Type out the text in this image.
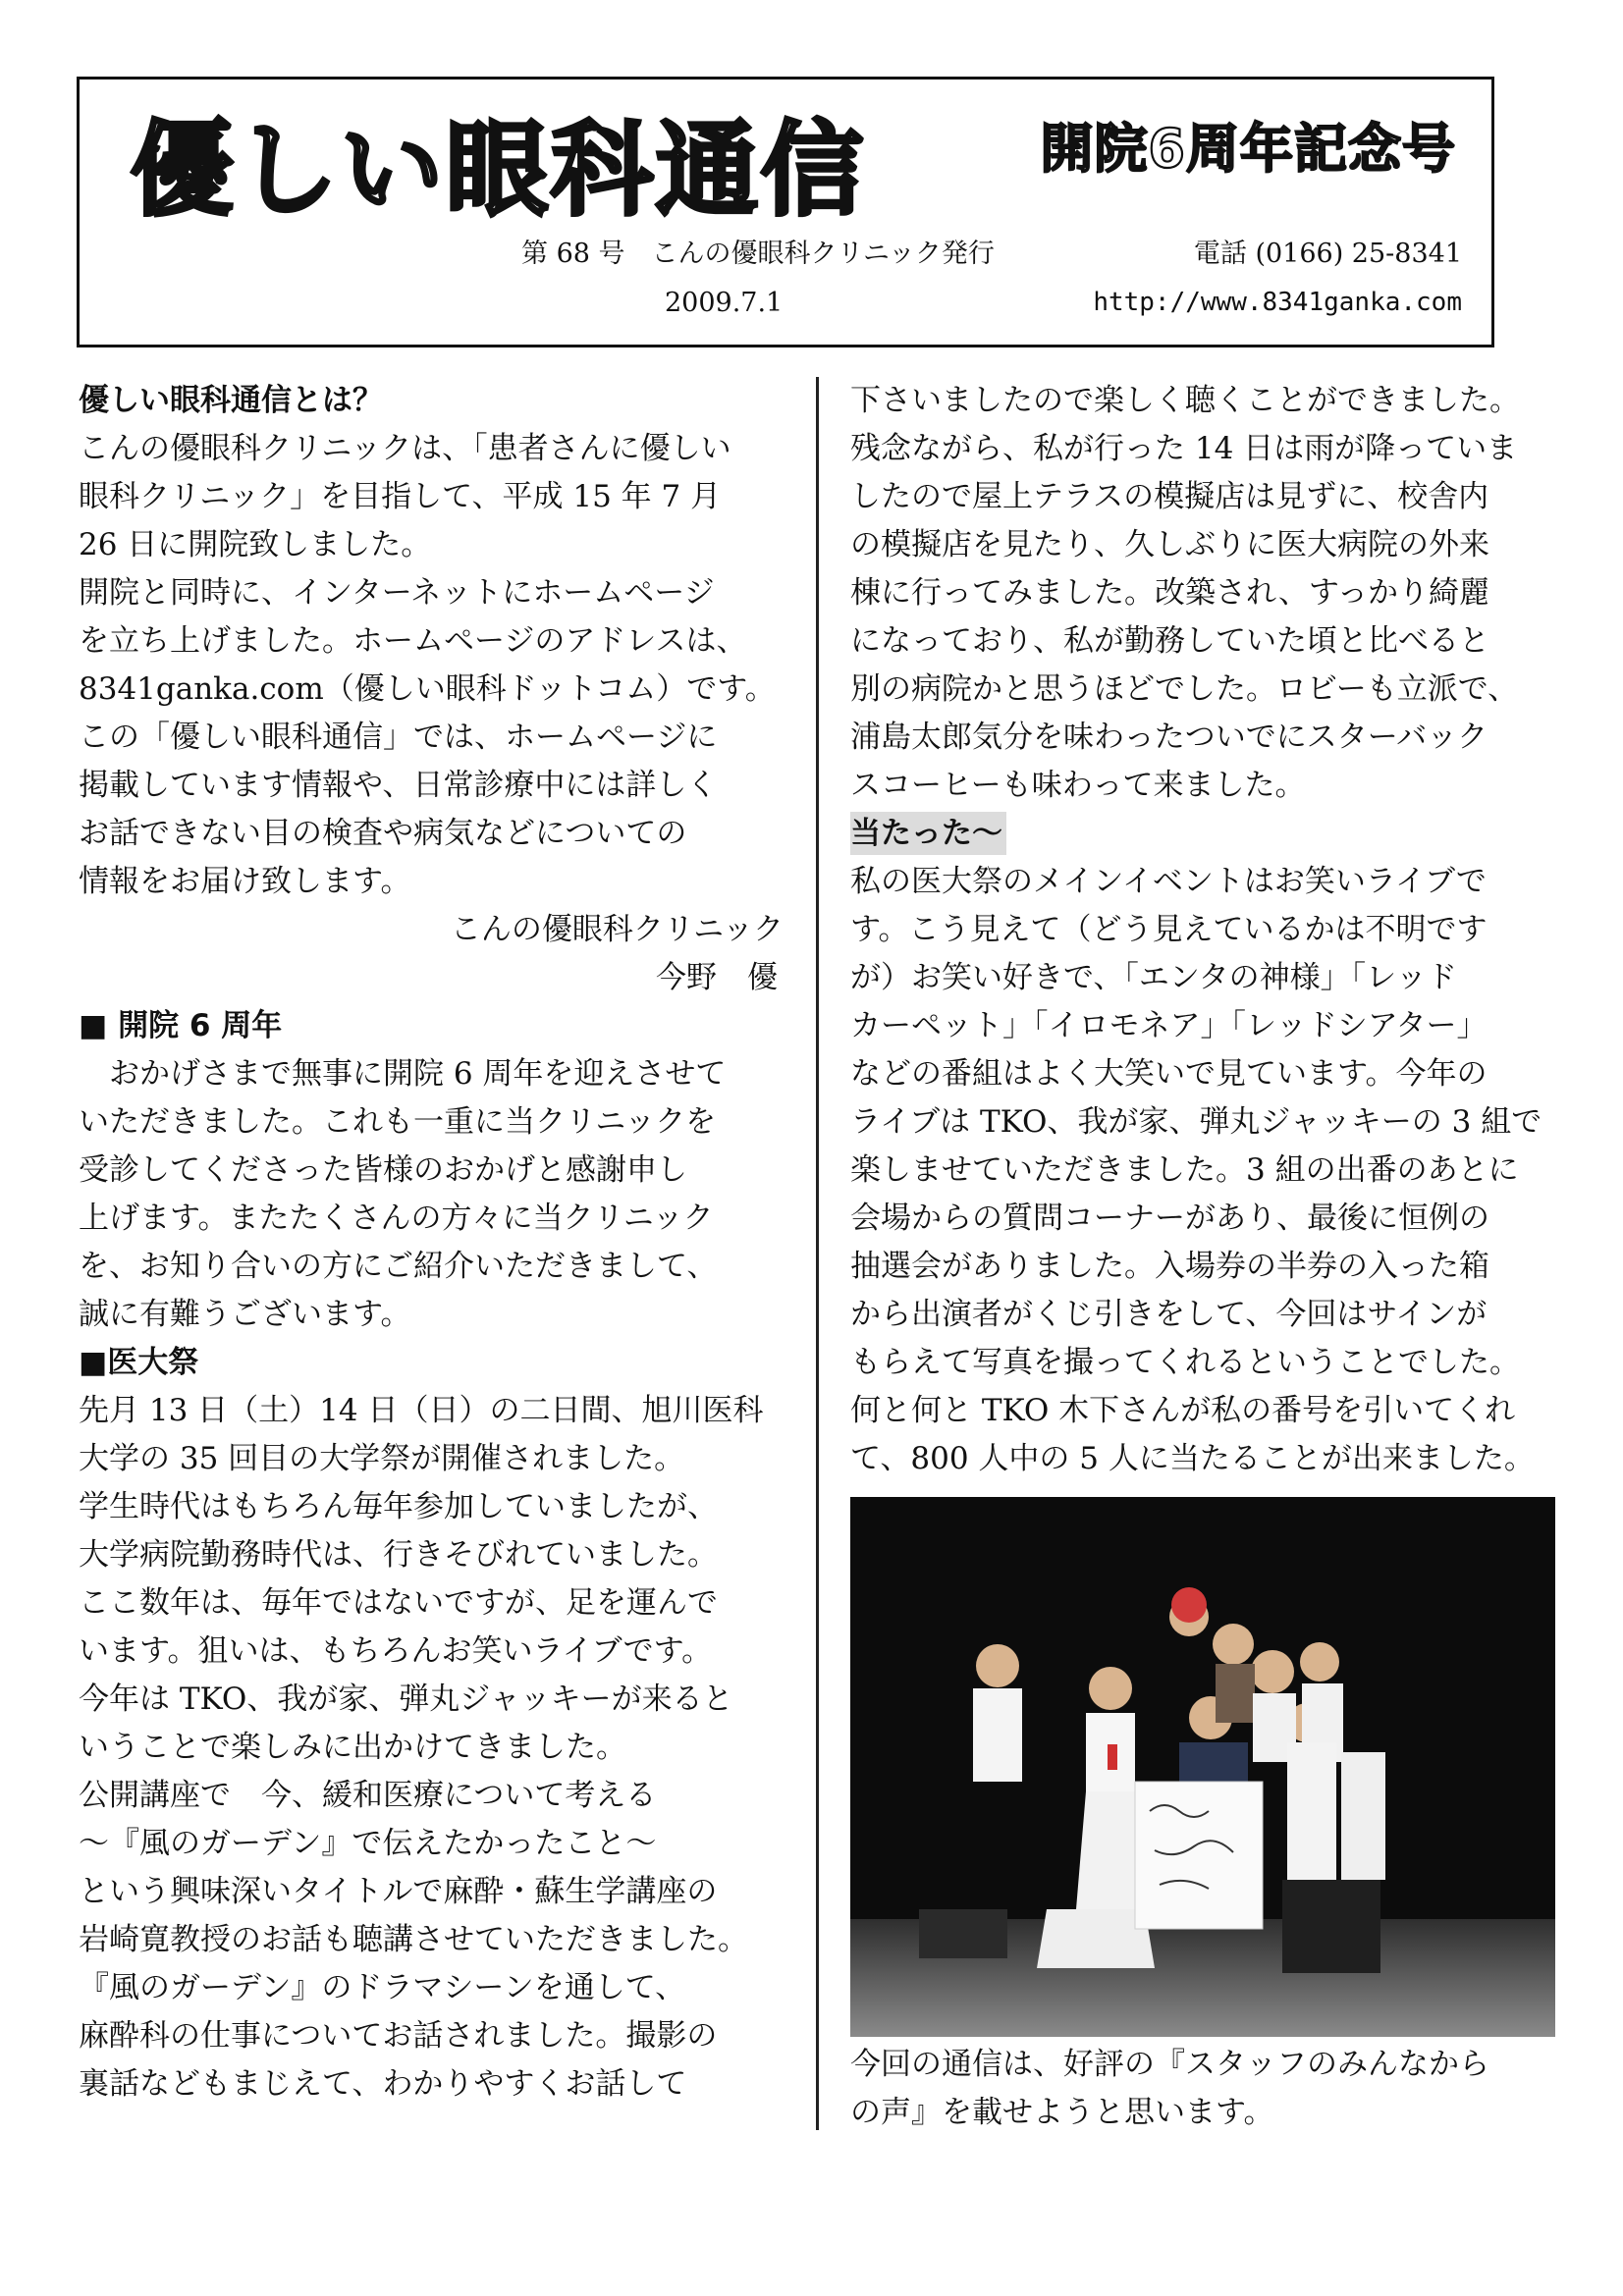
優しい眼科通信	開院6周年記念号
第 68 号　こんの優眼科クリニック発行	電話 (0166) 25-8341
2009.7.1	http://www.8341ganka.com

優しい眼科通信とは？

こんの優眼科クリニックは、「患者さんに優しい

眼科クリニック」を目指して、平成 15 年 7 月

26 日に開院致しました。

開院と同時に、インターネットにホームページ

を立ち上げました。ホームページのアドレスは、

8341ganka.com（優しい眼科ドットコム）です。

この「優しい眼科通信」では、ホームページに

掲載しています情報や、日常診療中には詳しく

お話できない目の検査や病気などについての

情報をお届け致します。

こんの優眼科クリニック

今野　優

■ 開院 6 周年

　おかげさまで無事に開院 6 周年を迎えさせて

いただきました。これも一重に当クリニックを

受診してくださった皆様のおかげと感謝申し

上げます。またたくさんの方々に当クリニック

を、お知り合いの方にご紹介いただきまして、

誠に有難うございます。

■医大祭

先月 13 日（土）14 日（日）の二日間、旭川医科

大学の 35 回目の大学祭が開催されました。

学生時代はもちろん毎年参加していましたが、

大学病院勤務時代は、行きそびれていました。

ここ数年は、毎年ではないですが、足を運んで

います。狙いは、もちろんお笑いライブです。

今年は TKO、我が家、弾丸ジャッキーが来ると

いうことで楽しみに出かけてきました。

公開講座で　今、緩和医療について考える

～『風のガーデン』で伝えたかったこと～

という興味深いタイトルで麻酔・蘇生学講座の

岩崎寛教授のお話も聴講させていただきました。

『風のガーデン』のドラマシーンを通して、

麻酔科の仕事についてお話されました。撮影の

裏話などもまじえて、わかりやすくお話して

下さいましたので楽しく聴くことができました。

残念ながら、私が行った 14 日は雨が降っていま

したので屋上テラスの模擬店は見ずに、校舎内

の模擬店を見たり、久しぶりに医大病院の外来

棟に行ってみました。改築され、すっかり綺麗

になっており、私が勤務していた頃と比べると

別の病院かと思うほどでした。ロビーも立派で、

浦島太郎気分を味わったついでにスターバック

スコーヒーも味わって来ました。

当たった～

私の医大祭のメインイベントはお笑いライブで

す。こう見えて（どう見えているかは不明です

が）お笑い好きで、「エンタの神様」「レッド

カーペット」「イロモネア」「レッドシアター」

などの番組はよく大笑いで見ています。今年の

ライブは TKO、我が家、弾丸ジャッキーの 3 組で

楽しませていただきました。3 組の出番のあとに

会場からの質問コーナーがあり、最後に恒例の

抽選会がありました。入場券の半券の入った箱

から出演者がくじ引きをして、今回はサインが

もらえて写真を撮ってくれるということでした。

何と何と TKO 木下さんが私の番号を引いてくれ

て、800 人中の 5 人に当たることが出来ました。

今回の通信は、好評の『スタッフのみんなから

の声』を載せようと思います。
